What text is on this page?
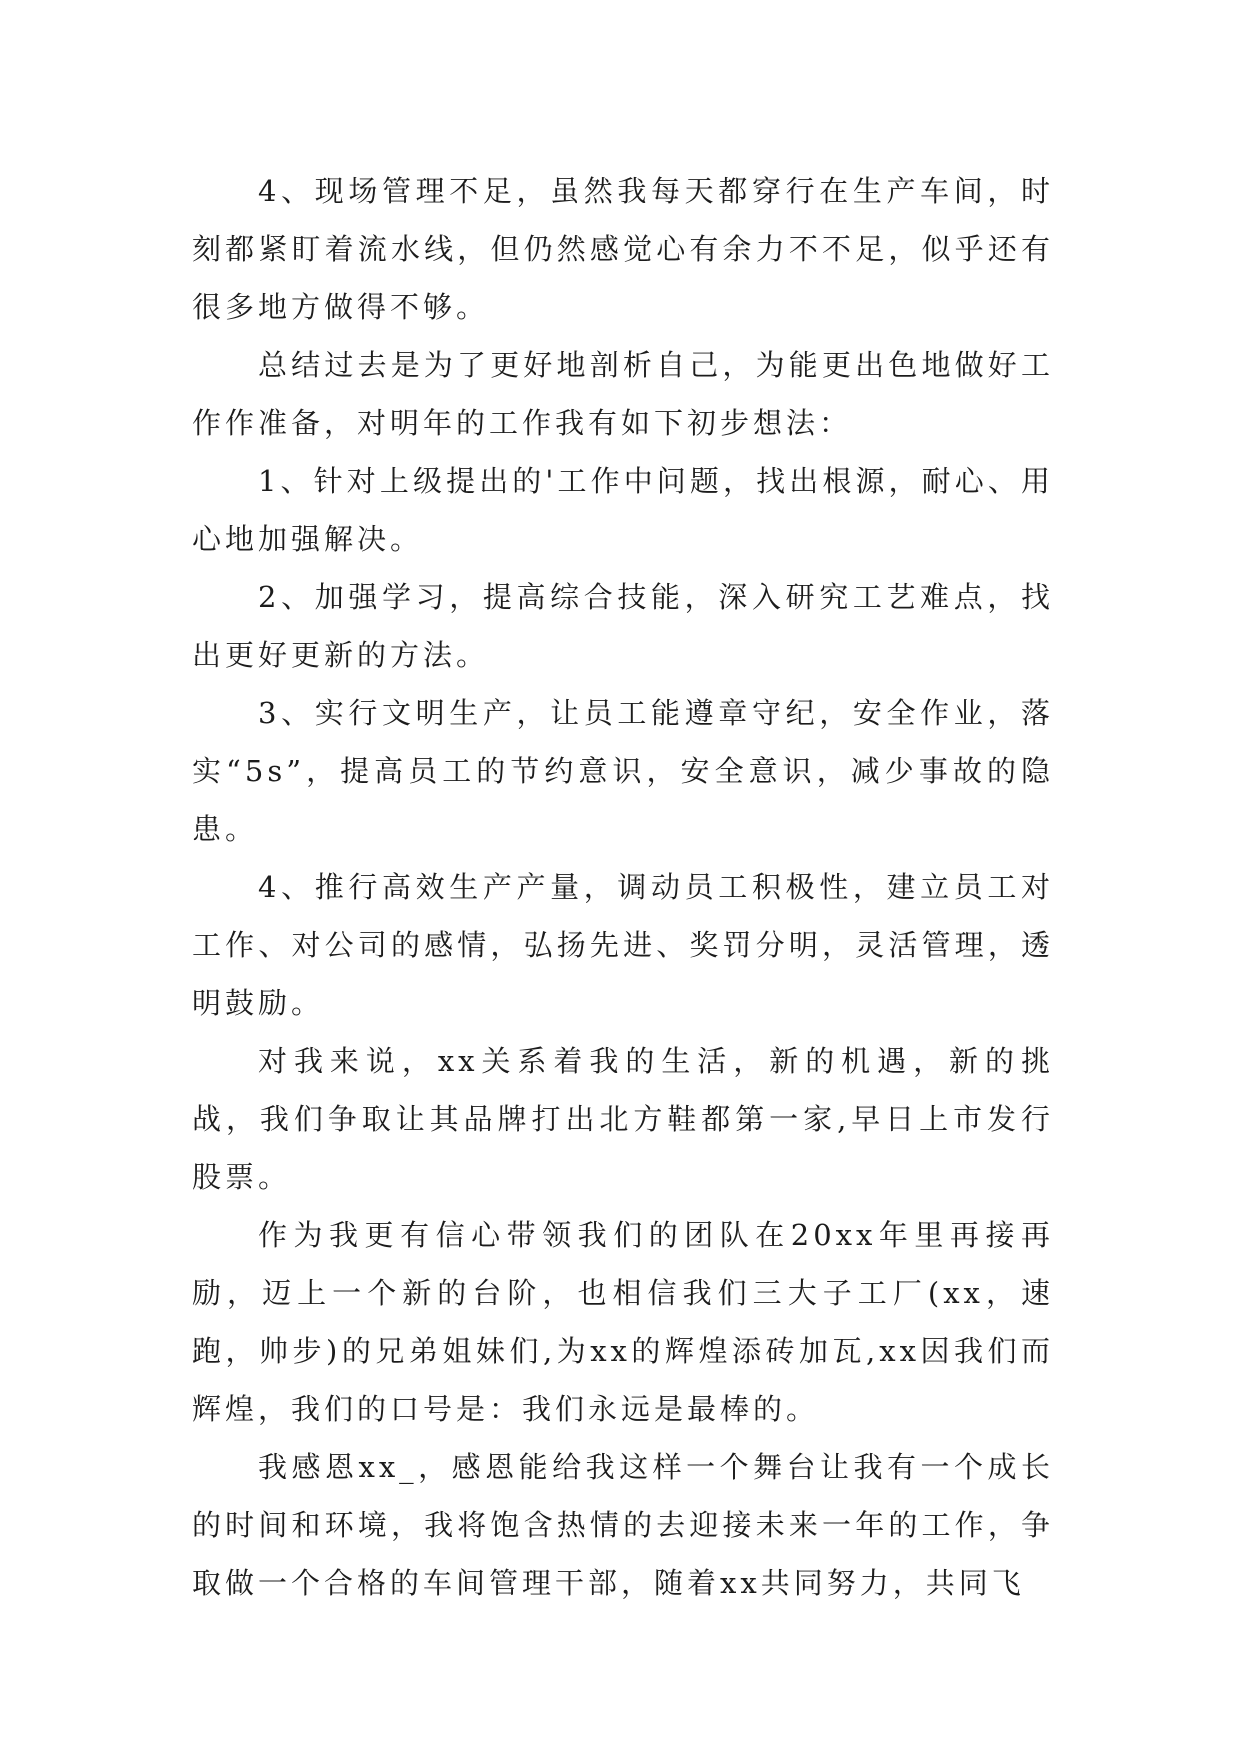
4、现场管理不足，虽然我每天都穿行在生产车间，时刻都紧盯着流水线，但仍然感觉心有余力不不足，似乎还有很多地方做得不够。

总结过去是为了更好地剖析自己，为能更出色地做好工作作准备，对明年的工作我有如下初步想法：

1、针对上级提出的'工作中问题，找出根源，耐心、用心地加强解决。

2、加强学习，提高综合技能，深入研究工艺难点，找出更好更新的方法。

3、实行文明生产，让员工能遵章守纪，安全作业，落实“5s”，提高员工的节约意识，安全意识，减少事故的隐患。

4、推行高效生产产量，调动员工积极性，建立员工对工作、对公司的感情，弘扬先进、奖罚分明，灵活管理，透明鼓励。

对我来说，xx关系着我的生活，新的机遇，新的挑战，我们争取让其品牌打出北方鞋都第一家,早日上市发行股票。

作为我更有信心带领我们的团队在20xx年里再接再励，迈上一个新的台阶，也相信我们三大子工厂(xx，速跑，帅步)的兄弟姐妹们,为xx的辉煌添砖加瓦,xx因我们而辉煌，我们的口号是：我们永远是最棒的。

我感恩xx_，感恩能给我这样一个舞台让我有一个成长的时间和环境，我将饱含热情的去迎接未来一年的工作，争取做一个合格的车间管理干部，随着xx共同努力，共同飞
